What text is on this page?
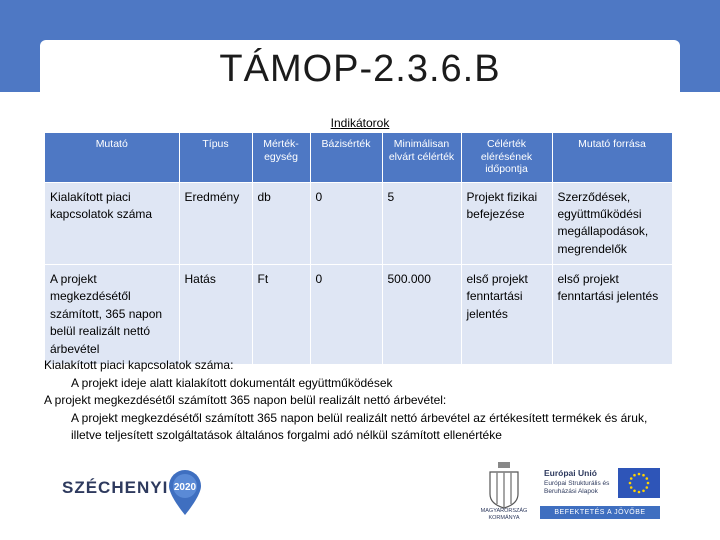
TÁMOP-2.3.6.B
Indikátorok
Mutató	Típus	Mérték- egység	Bázisérték	Minimálisan elvárt célérték	Célérték elérésének időpontja	Mutató forrása
Kialakított piaci kapcsolatok száma	Eredmény	db	0	5	Projekt fizikai befejezése	Szerződések, együttműködési megállapodások, megrendelők
A projekt megkezdésétől számított, 365 napon belül realizált nettó árbevétel	Hatás	Ft	0	500.000	első projekt fenntartási jelentés	első projekt fenntartási jelentés
Kialakított piaci kapcsolatok száma:
A projekt ideje alatt kialakított dokumentált együttműködések
A projekt megkezdésétől számított 365 napon belül realizált nettó árbevétel:
A projekt megkezdésétől számított 365 napon belül realizált nettó árbevétel az értékesített termékek és áruk, illetve teljesített szolgáltatások általános forgalmi adó nélkül számított ellenértéke
SZÉCHENYI 2020
MAGYARORSZÁG
KORMÁNYA
Európai Unió
Európai Strukturális és Beruházási Alapok
BEFEKTETÉS A JÖVŐBE
